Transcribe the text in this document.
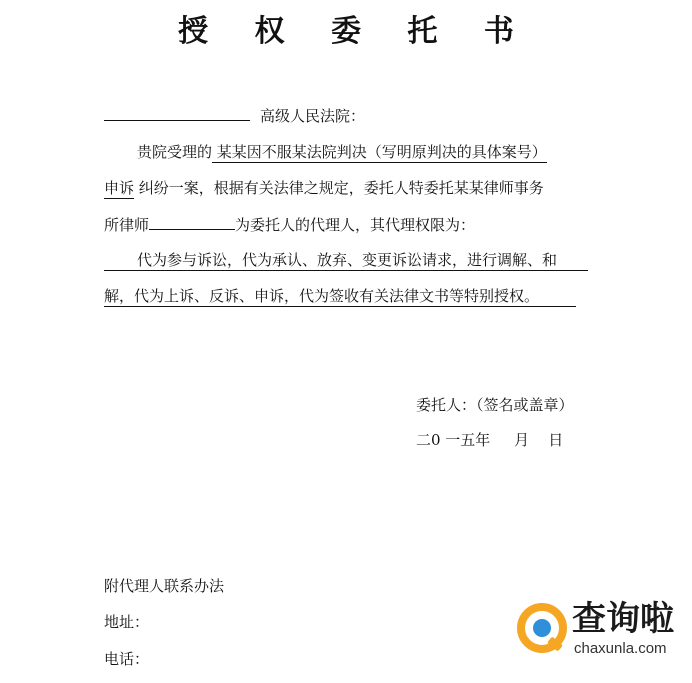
授 权 委 托 书
高级人民法院：
贵院受理的 某某因不服某法院判决（写明原判决的具体案号）
申诉 纠纷一案，根据有关法律之规定，委托人特委托某某律师事务
所律师	为委托人的代理人，其代理权限为：
代为参与诉讼，代为承认、放弃、变更诉讼请求，进行调解、和
解，代为上诉、反诉、申诉，代为签收有关法律文书等特别授权。
委托人：（签名或盖章）
二0 一五年     月    日
附代理人联系办法
地址：
电话：
查询啦
chaxunla.com
